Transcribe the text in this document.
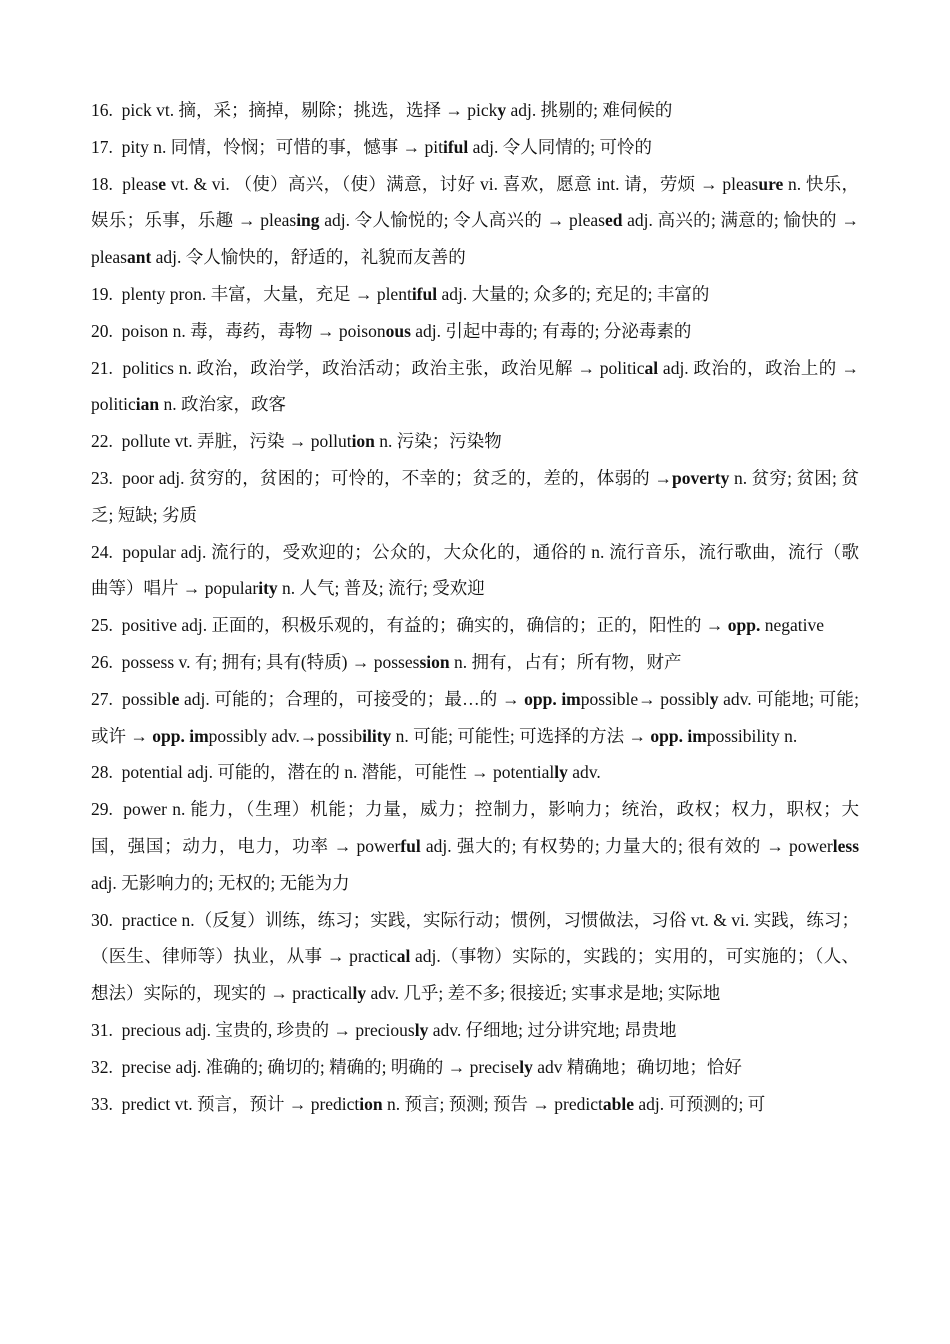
16. pick vt. 摘，采；摘掉，剔除；挑选，选择 → picky adj. 挑剔的; 难伺候的

17. pity n. 同情，怜悯；可惜的事，憾事 → pitiful adj. 令人同情的; 可怜的

18. please vt. & vi. （使）高兴，（使）满意，讨好 vi. 喜欢，愿意 int. 请，劳烦 → pleasure n. 快乐，娱乐；乐事，乐趣 → pleasing adj. 令人愉悦的; 令人高兴的 → pleased adj. 高兴的; 满意的; 愉快的 → pleasant adj. 令人愉快的，舒适的，礼貌而友善的

19. plenty pron. 丰富，大量，充足 → plentiful adj. 大量的; 众多的; 充足的; 丰富的

20. poison n. 毒，毒药，毒物 → poisonous adj. 引起中毒的; 有毒的; 分泌毒素的

21. politics n. 政治，政治学，政治活动；政治主张，政治见解 → political adj. 政治的，政治上的 → politician n. 政治家，政客

22. pollute vt. 弄脏，污染 → pollution n. 污染；污染物

23. poor adj. 贫穷的，贫困的；可怜的，不幸的；贫乏的，差的，体弱的 →poverty n. 贫穷; 贫困; 贫乏; 短缺; 劣质

24. popular adj. 流行的，受欢迎的；公众的，大众化的，通俗的 n. 流行音乐，流行歌曲，流行（歌曲等）唱片 → popularity n. 人气; 普及; 流行; 受欢迎

25. positive adj. 正面的，积极乐观的，有益的；确实的，确信的；正的，阳性的 → opp. negative

26. possess v. 有; 拥有; 具有(特质) → possession n. 拥有，占有；所有物，财产

27. possible adj. 可能的；合理的，可接受的；最…的 → opp. impossible→ possibly adv. 可能地; 可能; 或许 → opp. impossibly adv.→possibility n. 可能; 可能性; 可选择的方法 → opp. impossibility n.

28. potential adj. 可能的，潜在的 n. 潜能，可能性 → potentially adv.

29. power n. 能力，（生理）机能；力量，威力；控制力，影响力；统治，政权；权力，职权；大国，强国；动力，电力，功率 → powerful adj. 强大的; 有权势的; 力量大的; 很有效的 → powerless adj. 无影响力的; 无权的; 无能为力

30. practice n.（反复）训练，练习；实践，实际行动；惯例，习惯做法，习俗 vt. & vi. 实践，练习；（医生、律师等）执业，从事 → practical adj.（事物）实际的，实践的；实用的，可实施的；（人、想法）实际的，现实的 → practically adv. 几乎; 差不多; 很接近; 实事求是地; 实际地

31. precious adj. 宝贵的, 珍贵的 → preciously adv. 仔细地; 过分讲究地; 昂贵地

32. precise adj. 准确的; 确切的; 精确的; 明确的 → precisely adv 精确地；确切地；恰好

33. predict vt. 预言，预计 → prediction n. 预言; 预测; 预告 → predictable adj. 可预测的; 可
